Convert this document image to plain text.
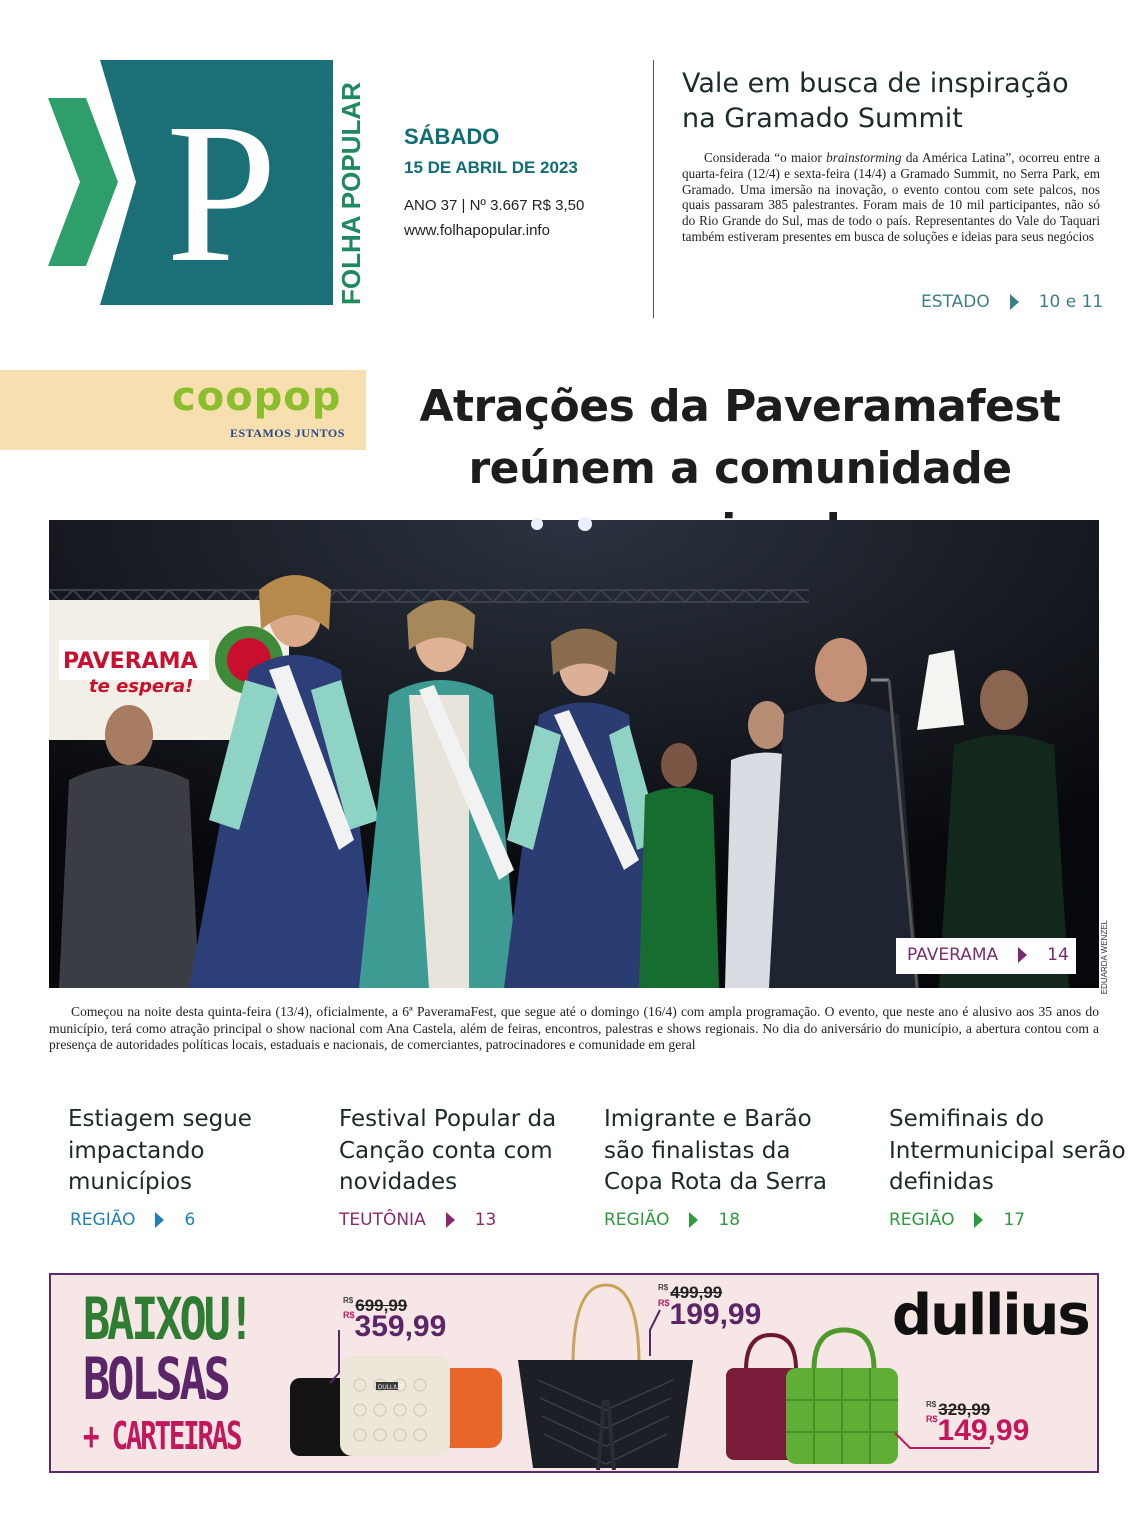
P FOLHA POPULAR SÁBADO
15 DE ABRIL DE 2023
ANO 37 | Nº 3.667 R$ 3,50
www.folhapopular.info
Vale em busca de inspiração na Gramado Summit
Considerada “o maior brainstorming da América Latina”, ocorreu entre a quarta-feira (12/4) e sexta-feira (14/4) a Gramado Summit, no Serra Park, em Gramado. Uma imersão na inovação, o evento contou com sete palcos, nos quais passaram 385 palestrantes. Foram mais de 10 mil participantes, não só do Rio Grande do Sul, mas de todo o país. Representantes do Vale do Taquari também estiveram presentes em busca de soluções e ideias para seus negócios
ESTADO	10 e 11
coopop
ESTAMOS JUNTOS
Atrações da Paveramafest
reúnem a comunidade
PAVERAMA
te espera!
EDUARDA WENZEL
PAVERAMA	14
Começou na noite desta quinta-feira (13/4), oficialmente, a 6ª PaveramaFest, que segue até o domingo (16/4) com ampla programação. O evento, que neste ano é alusivo aos 35 anos do município, terá como atração principal o show nacional com Ana Castela, além de feiras, encontros, palestras e shows regionais. No dia do aniversário do município, a abertura contou com a presença de autoridades políticas locais, estaduais e nacionais, de comerciantes, patrocinadores e comunidade em geral
Estiagem segue impactando municípios
REGIÃO	6
Festival Popular da Canção conta com novidades
TEUTÔNIA	13
Imigrante e Barão são finalistas da Copa Rota da Serra
REGIÃO	18
Semifinais do Intermunicipal serão definidas
REGIÃO	17
BAIXOU!
BOLSAS
+ CARTEIRAS
DULLIUS
$^{R\$}$ 699,99
$^{R\$}$359,99
$^{R\$}$ 499,99
$^{R\$}$199,99 dullius
$^{R\$}$ 329,99
$^{R\$}$149,99
